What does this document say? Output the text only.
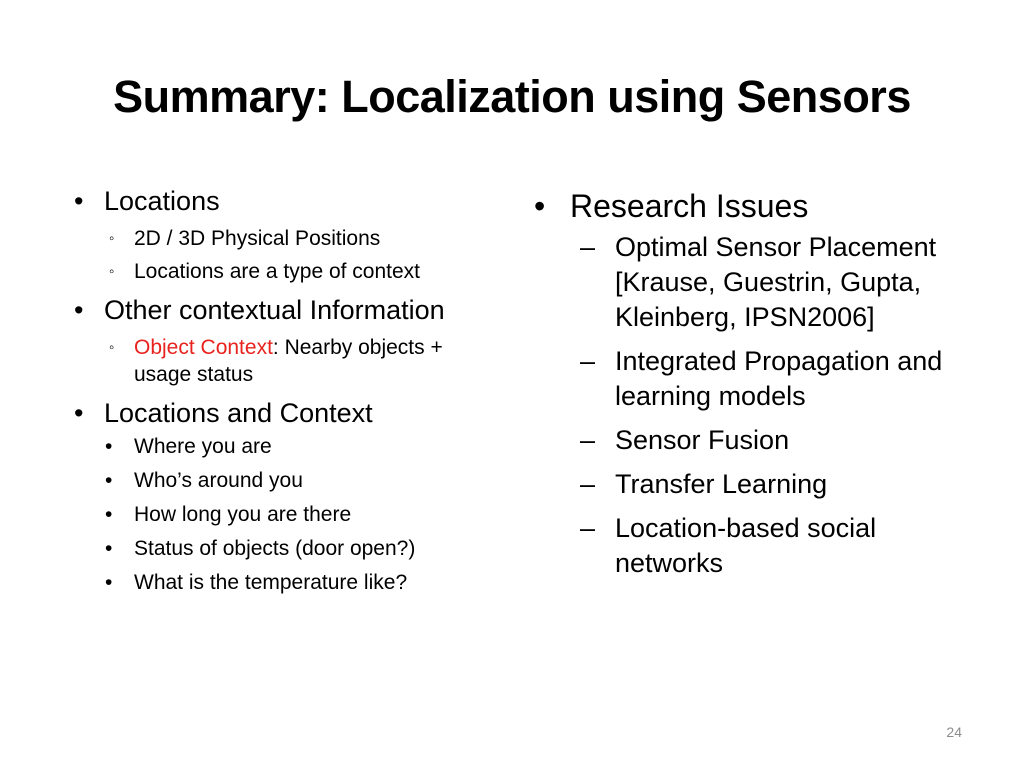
Summary: Localization using Sensors
• Locations
◦ 2D / 3D Physical Positions
◦ Locations are a type of context
• Other contextual Information
◦ Object Context: Nearby objects + usage status
• Locations and Context
• Where you are
• Who’s around you
• How long you are there
• Status of objects (door open?)
• What is the temperature like?
• Research Issues
– Optimal Sensor Placement [Krause, Guestrin, Gupta, Kleinberg, IPSN2006]
– Integrated Propagation and learning models
– Sensor Fusion
– Transfer Learning
– Location-based social networks
24
